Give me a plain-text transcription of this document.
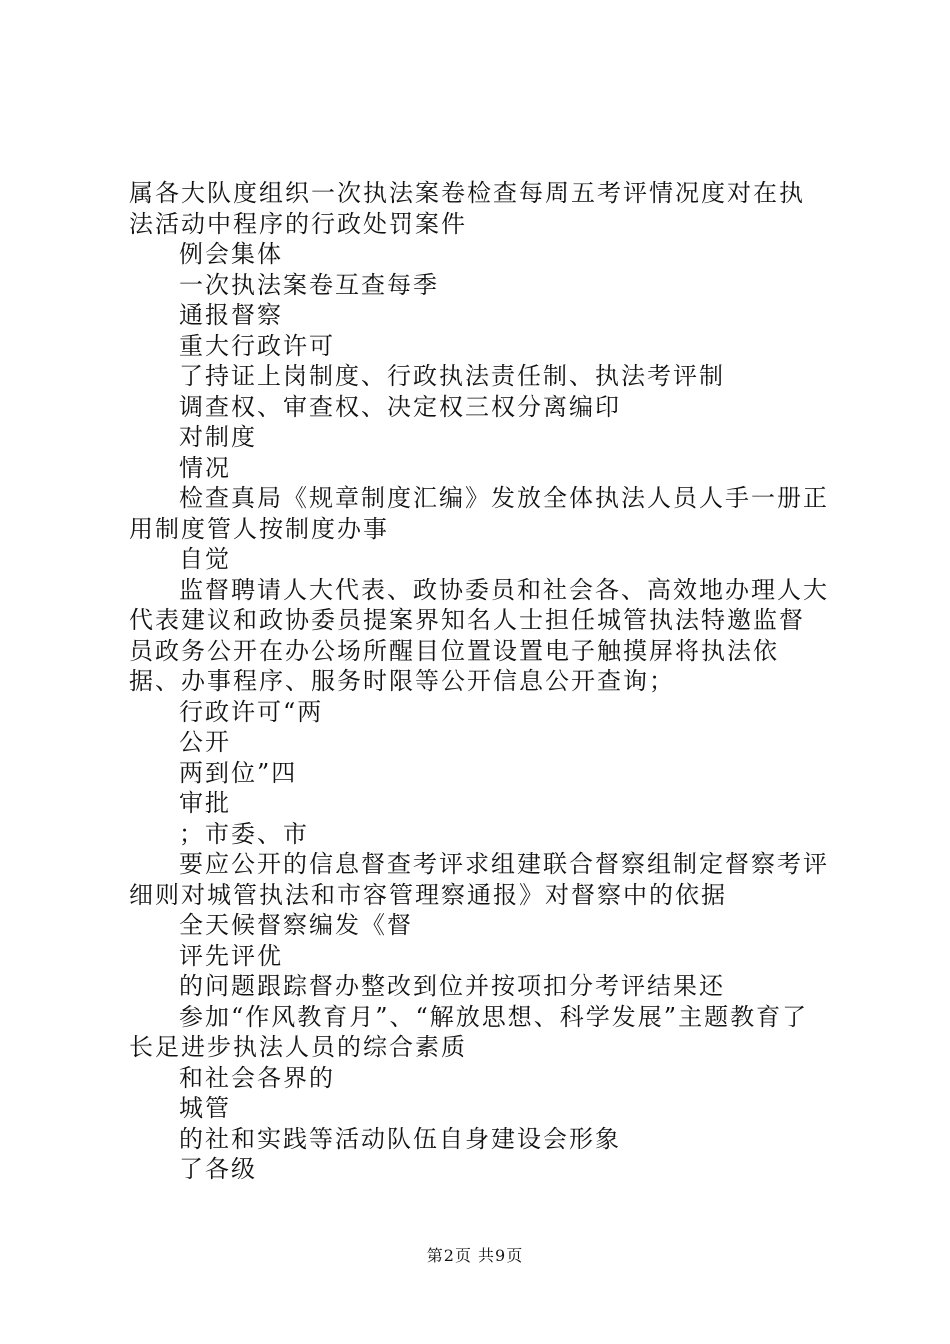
属各大队度组织一次执法案卷检查每周五考评情况度对在执法活动中程序的行政处罚案件

例会集体

一次执法案卷互查每季

通报督察

重大行政许可

了持证上岗制度、行政执法责任制、执法考评制

调查权、审查权、决定权三权分离编印

对制度

情况

检查真局《规章制度汇编》发放全体执法人员人手一册正用制度管人按制度办事

自觉

监督聘请人大代表、政协委员和社会各、高效地办理人大代表建议和政协委员提案界知名人士担任城管执法特邀监督员政务公开在办公场所醒目位置设置电子触摸屏将执法依据、办事程序、服务时限等公开信息公开查询；

行政许可“两

公开

两到位”四

审批

；市委、市

要应公开的信息督查考评求组建联合督察组制定督察考评细则对城管执法和市容管理察通报》对督察中的依据

全天候督察编发《督

评先评优

的问题跟踪督办整改到位并按项扣分考评结果还

参加“作风教育月”、“解放思想、科学发展”主题教育了长足进步执法人员的综合素质

和社会各界的

城管

的社和实践等活动队伍自身建设会形象

了各级

第2页 共9页
